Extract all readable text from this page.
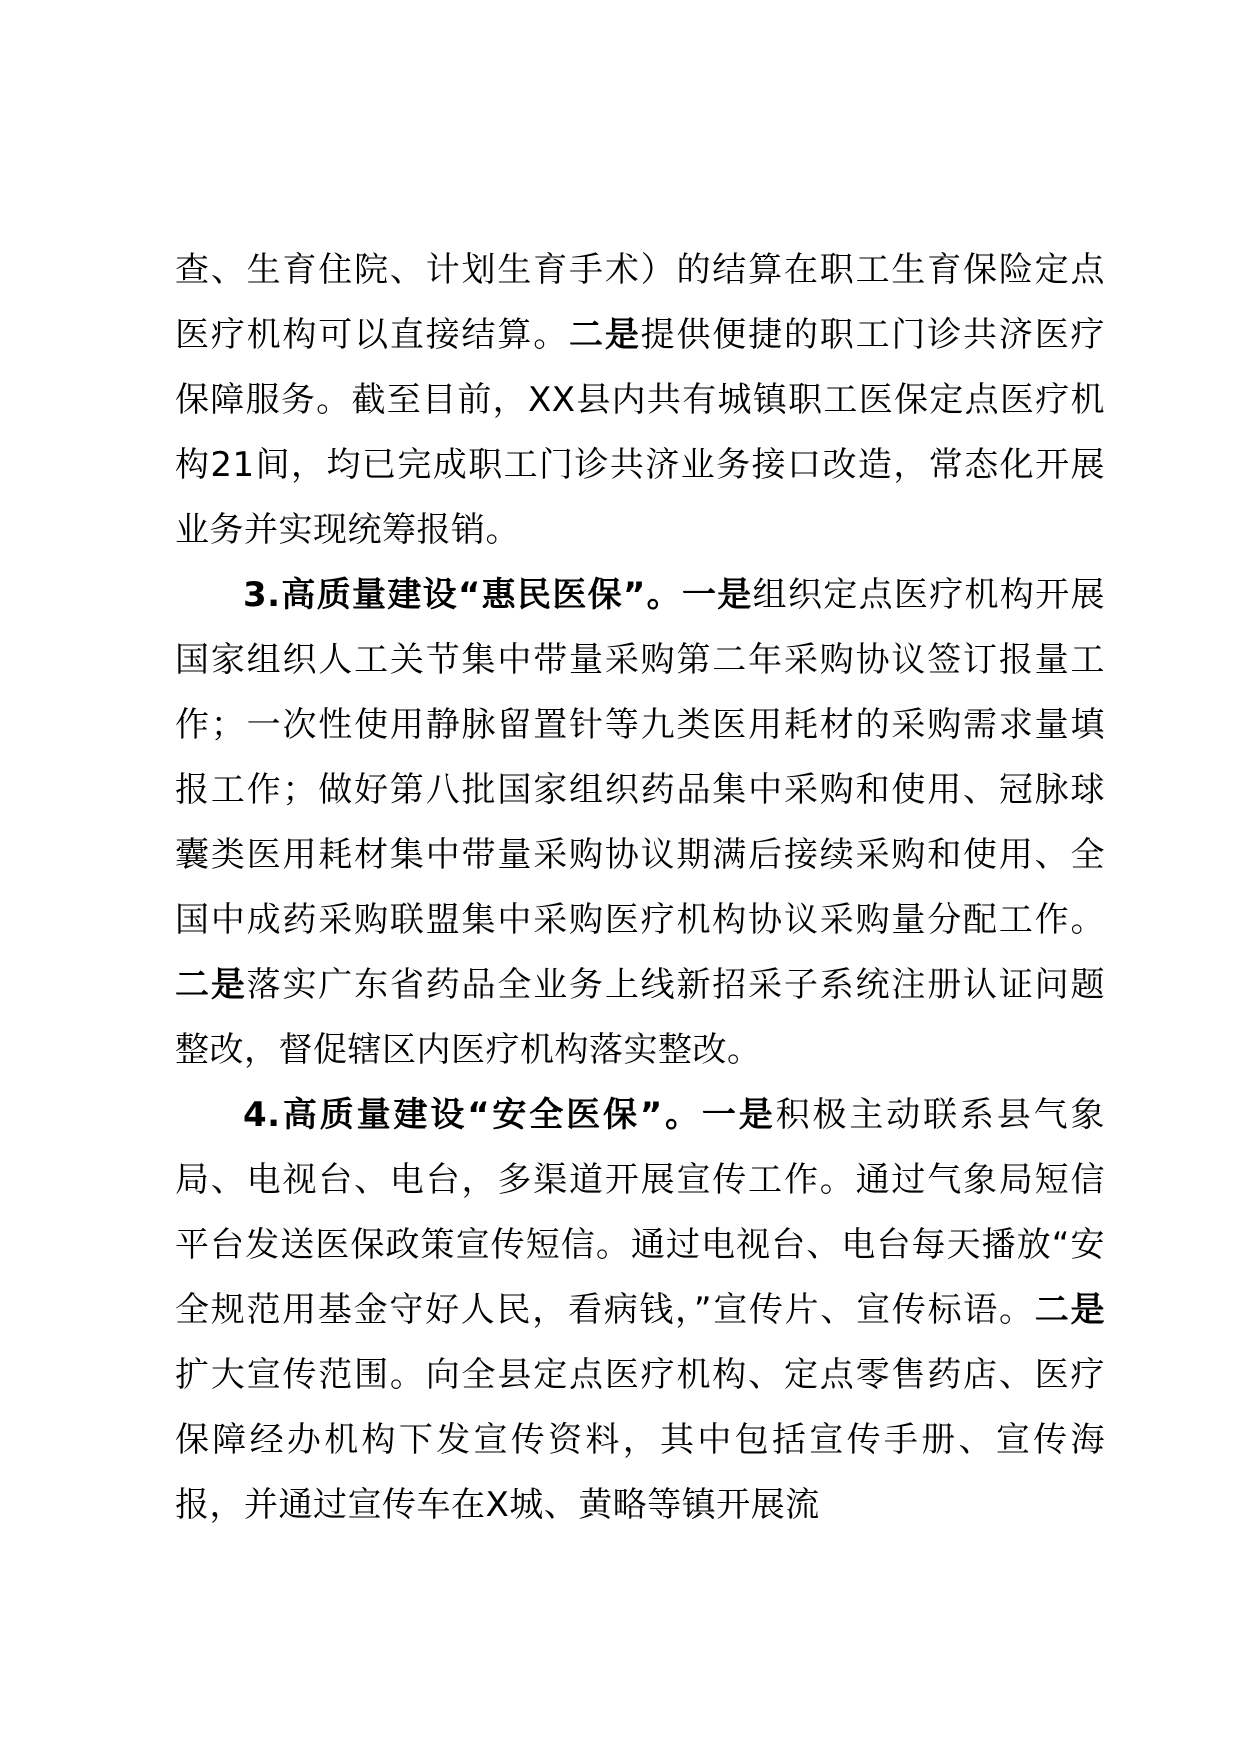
查、生育住院、计划生育手术）的结算在职工生育保险定点医疗机构可以直接结算。二是提供便捷的职工门诊共济医疗保障服务。截至目前，XX县内共有城镇职工医保定点医疗机构21间，均已完成职工门诊共济业务接口改造，常态化开展业务并实现统筹报销。

3.高质量建设“惠民医保”。一是组织定点医疗机构开展国家组织人工关节集中带量采购第二年采购协议签订报量工作；一次性使用静脉留置针等九类医用耗材的采购需求量填报工作；做好第八批国家组织药品集中采购和使用、冠脉球囊类医用耗材集中带量采购协议期满后接续采购和使用、全国中成药采购联盟集中采购医疗机构协议采购量分配工作。二是落实广东省药品全业务上线新招采子系统注册认证问题整改，督促辖区内医疗机构落实整改。

4.高质量建设“安全医保”。一是积极主动联系县气象局、电视台、电台，多渠道开展宣传工作。通过气象局短信平台发送医保政策宣传短信。通过电视台、电台每天播放“安全规范用基金守好人民，看病钱，”宣传片、宣传标语。二是扩大宣传范围。向全县定点医疗机构、定点零售药店、医疗保障经办机构下发宣传资料，其中包括宣传手册、宣传海报，并通过宣传车在X城、黄略等镇开展流
